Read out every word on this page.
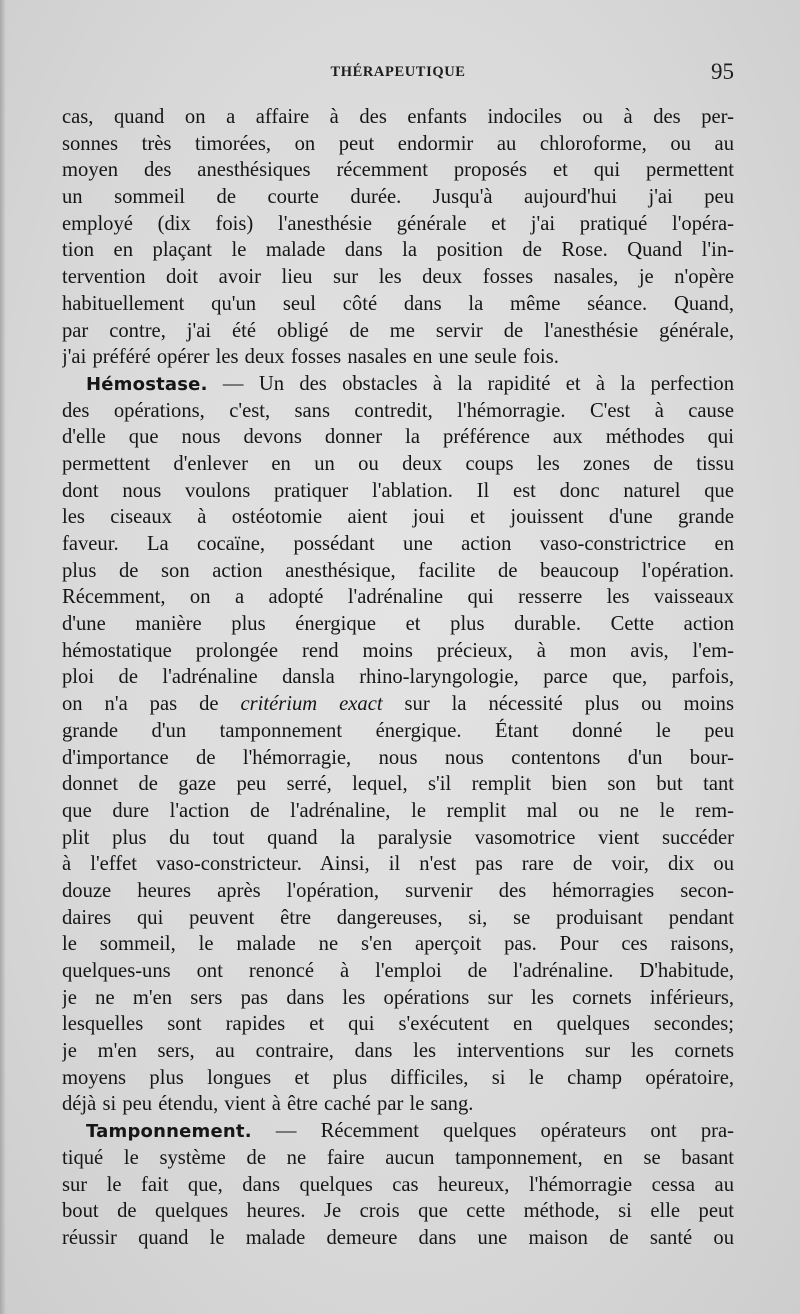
THÉRAPEUTIQUE	95
cas, quand on a affaire à des enfants indociles ou à des per-
sonnes très timorées, on peut endormir au chloroforme, ou au
moyen des anesthésiques récemment proposés et qui permettent
un sommeil de courte durée. Jusqu'à aujourd'hui j'ai peu
employé (dix fois) l'anesthésie générale et j'ai pratiqué l'opéra-
tion en plaçant le malade dans la position de Rose. Quand l'in-
tervention doit avoir lieu sur les deux fosses nasales, je n'opère
habituellement qu'un seul côté dans la même séance. Quand,
par contre, j'ai été obligé de me servir de l'anesthésie générale,
j'ai préféré opérer les deux fosses nasales en une seule fois.
Hémostase. — Un des obstacles à la rapidité et à la perfection
des opérations, c'est, sans contredit, l'hémorragie. C'est à cause
d'elle que nous devons donner la préférence aux méthodes qui
permettent d'enlever en un ou deux coups les zones de tissu
dont nous voulons pratiquer l'ablation. Il est donc naturel que
les ciseaux à ostéotomie aient joui et jouissent d'une grande
faveur. La cocaïne, possédant une action vaso-constrictrice en
plus de son action anesthésique, facilite de beaucoup l'opération.
Récemment, on a adopté l'adrénaline qui resserre les vaisseaux
d'une manière plus énergique et plus durable. Cette action
hémostatique prolongée rend moins précieux, à mon avis, l'em-
ploi de l'adrénaline dansla rhino-laryngologie, parce que, parfois,
on n'a pas de critérium exact sur la nécessité plus ou moins
grande d'un tamponnement énergique. Étant donné le peu
d'importance de l'hémorragie, nous nous contentons d'un bour-
donnet de gaze peu serré, lequel, s'il remplit bien son but tant
que dure l'action de l'adrénaline, le remplit mal ou ne le rem-
plit plus du tout quand la paralysie vasomotrice vient succéder
à l'effet vaso-constricteur. Ainsi, il n'est pas rare de voir, dix ou
douze heures après l'opération, survenir des hémorragies secon-
daires qui peuvent être dangereuses, si, se produisant pendant
le sommeil, le malade ne s'en aperçoit pas. Pour ces raisons,
quelques-uns ont renoncé à l'emploi de l'adrénaline. D'habitude,
je ne m'en sers pas dans les opérations sur les cornets inférieurs,
lesquelles sont rapides et qui s'exécutent en quelques secondes;
je m'en sers, au contraire, dans les interventions sur les cornets
moyens plus longues et plus difficiles, si le champ opératoire,
déjà si peu étendu, vient à être caché par le sang.
Tamponnement. — Récemment quelques opérateurs ont pra-
tiqué le système de ne faire aucun tamponnement, en se basant
sur le fait que, dans quelques cas heureux, l'hémorragie cessa au
bout de quelques heures. Je crois que cette méthode, si elle peut
réussir quand le malade demeure dans une maison de santé ou
